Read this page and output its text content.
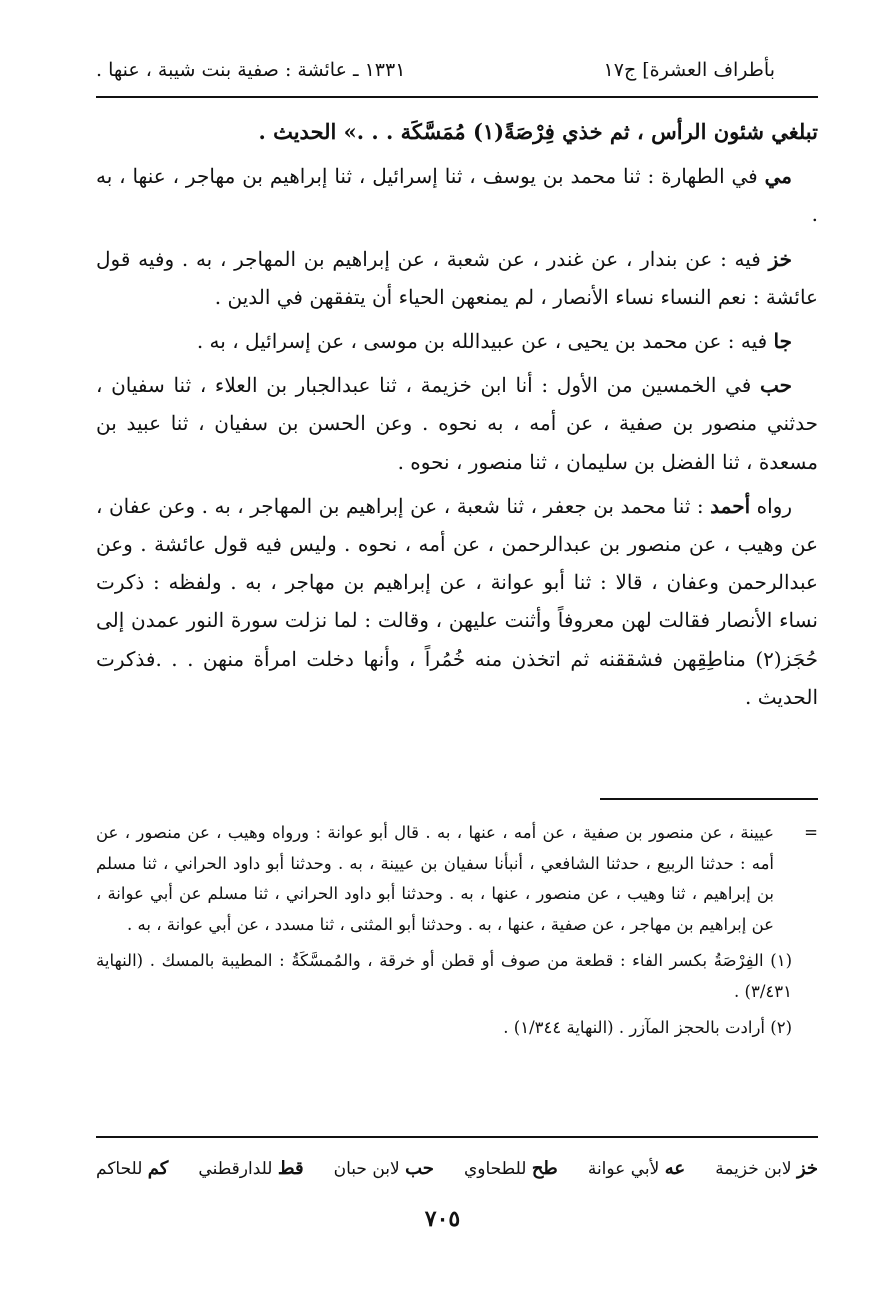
بأطراف العشرة] ج١٧
١٣٣١ ـ عائشة : صفية بنت شيبة ، عنها .

تبلغي شئون الرأس ، ثم خذي فِرْصَةً(١) مُمَسَّكَة . . .» الحديث .

مي في الطهارة : ثنا محمد بن يوسف ، ثنا إسرائيل ، ثنا إبراهيم بن مهاجر ، عنها ، به .

خز فيه : عن بندار ، عن غندر ، عن شعبة ، عن إبراهيم بن المهاجر ، به . وفيه قول عائشة : نعم النساء نساء الأنصار ، لم يمنعهن الحياء أن يتفقهن في الدين .

جا فيه : عن محمد بن يحيى ، عن عبيدالله بن موسى ، عن إسرائيل ، به .

حب في الخمسين من الأول : أنا ابن خزيمة ، ثنا عبدالجبار بن العلاء ، ثنا سفيان ، حدثني منصور بن صفية ، عن أمه ، به نحوه . وعن الحسن بن سفيان ، ثنا عبيد بن مسعدة ، ثنا الفضل بن سليمان ، ثنا منصور ، نحوه .

رواه أحمد : ثنا محمد بن جعفر ، ثنا شعبة ، عن إبراهيم بن المهاجر ، به . وعن عفان ، عن وهيب ، عن منصور بن عبدالرحمن ، عن أمه ، نحوه . وليس فيه قول عائشة . وعن عبدالرحمن وعفان ، قالا : ثنا أبو عوانة ، عن إبراهيم بن مهاجر ، به . ولفظه : ذكرت نساء الأنصار فقالت لهن معروفاً وأثنت عليهن ، وقالت : لما نزلت سورة النور عمدن إلى حُجَز(٢) مناطِقِهن فشققنه ثم اتخذن منه خُمُراً ، وأنها دخلت امرأة منهن . . .فذكرت الحديث .

=
عيينة ، عن منصور بن صفية ، عن أمه ، عنها ، به . قال أبو عوانة : ورواه وهيب ، عن منصور ، عن أمه : حدثنا الربيع ، حدثنا الشافعي ، أنبأنا سفيان بن عيينة ، به . وحدثنا أبو داود الحراني ، ثنا مسلم بن إبراهيم ، ثنا وهيب ، عن منصور ، عنها ، به . وحدثنا أبو داود الحراني ، ثنا مسلم عن أبي عوانة ، عن إبراهيم بن مهاجر ، عن صفية ، عنها ، به . وحدثنا أبو المثنى ، ثنا مسدد ، عن أبي عوانة ، به .

(١) الفِرْصَةُ بكسر الفاء : قطعة من صوف أو قطن أو خرقة ، والمُمسَّكَةُ : المطيبة بالمسك . (النهاية ٣/٤٣١) .

(٢) أرادت بالحجز المآزر . (النهاية ١/٣٤٤) .

خز لابن خزيمة
عه لأبي عوانة
طح للطحاوي
حب لابن حبان
قط للدارقطني
كم للحاكم
٧٠٥
